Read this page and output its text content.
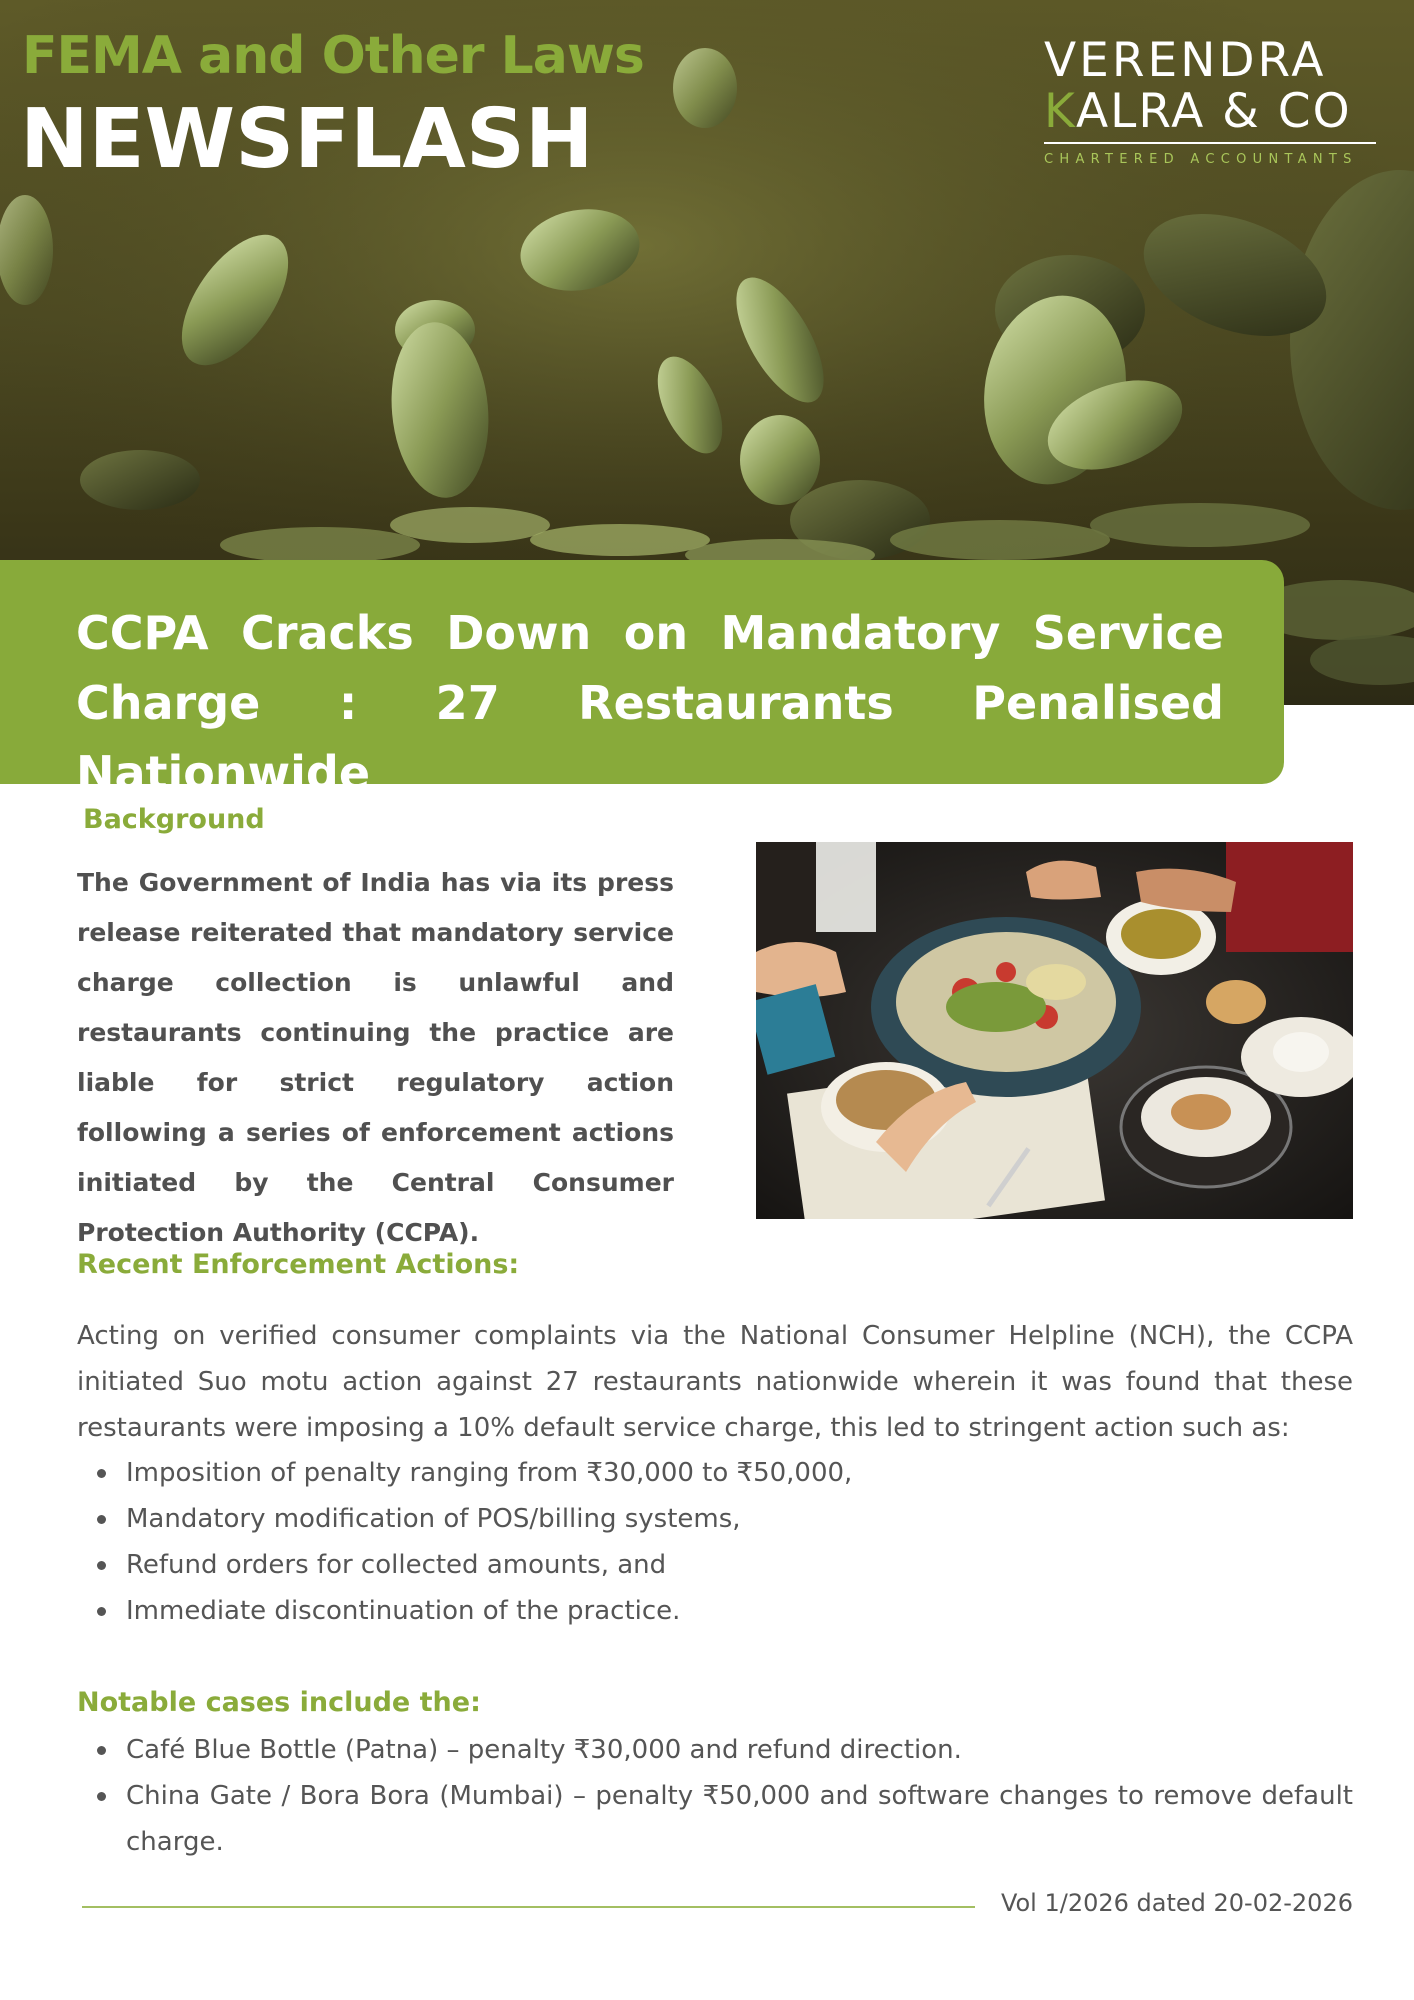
FEMA and Other Laws
NEWSFLASH
VERENDRA
KALRA & CO
CHARTERED ACCOUNTANTS
CCPA Cracks Down on Mandatory Service Charge : 27 Restaurants Penalised Nationwide
Background

The Government of India has via its press release reiterated that mandatory service charge collection is unlawful and restaurants continuing the practice are liable for strict regulatory action following a series of enforcement actions initiated by the Central Consumer Protection Authority (CCPA).

Recent Enforcement Actions:

Acting on verified consumer complaints via the National Consumer Helpline (NCH), the CCPA initiated Suo motu action against 27 restaurants nationwide wherein it was found that these restaurants were imposing a 10% default service charge, this led to stringent action such as:

Imposition of penalty ranging from ₹30,000 to ₹50,000,
Mandatory modification of POS/billing systems,
Refund orders for collected amounts, and
Immediate discontinuation of the practice.
Notable cases include the:
Café Blue Bottle (Patna) – penalty ₹30,000 and refund direction.
China Gate / Bora Bora (Mumbai) – penalty ₹50,000 and software changes to remove default charge.

Vol 1/2026 dated 20-02-2026
